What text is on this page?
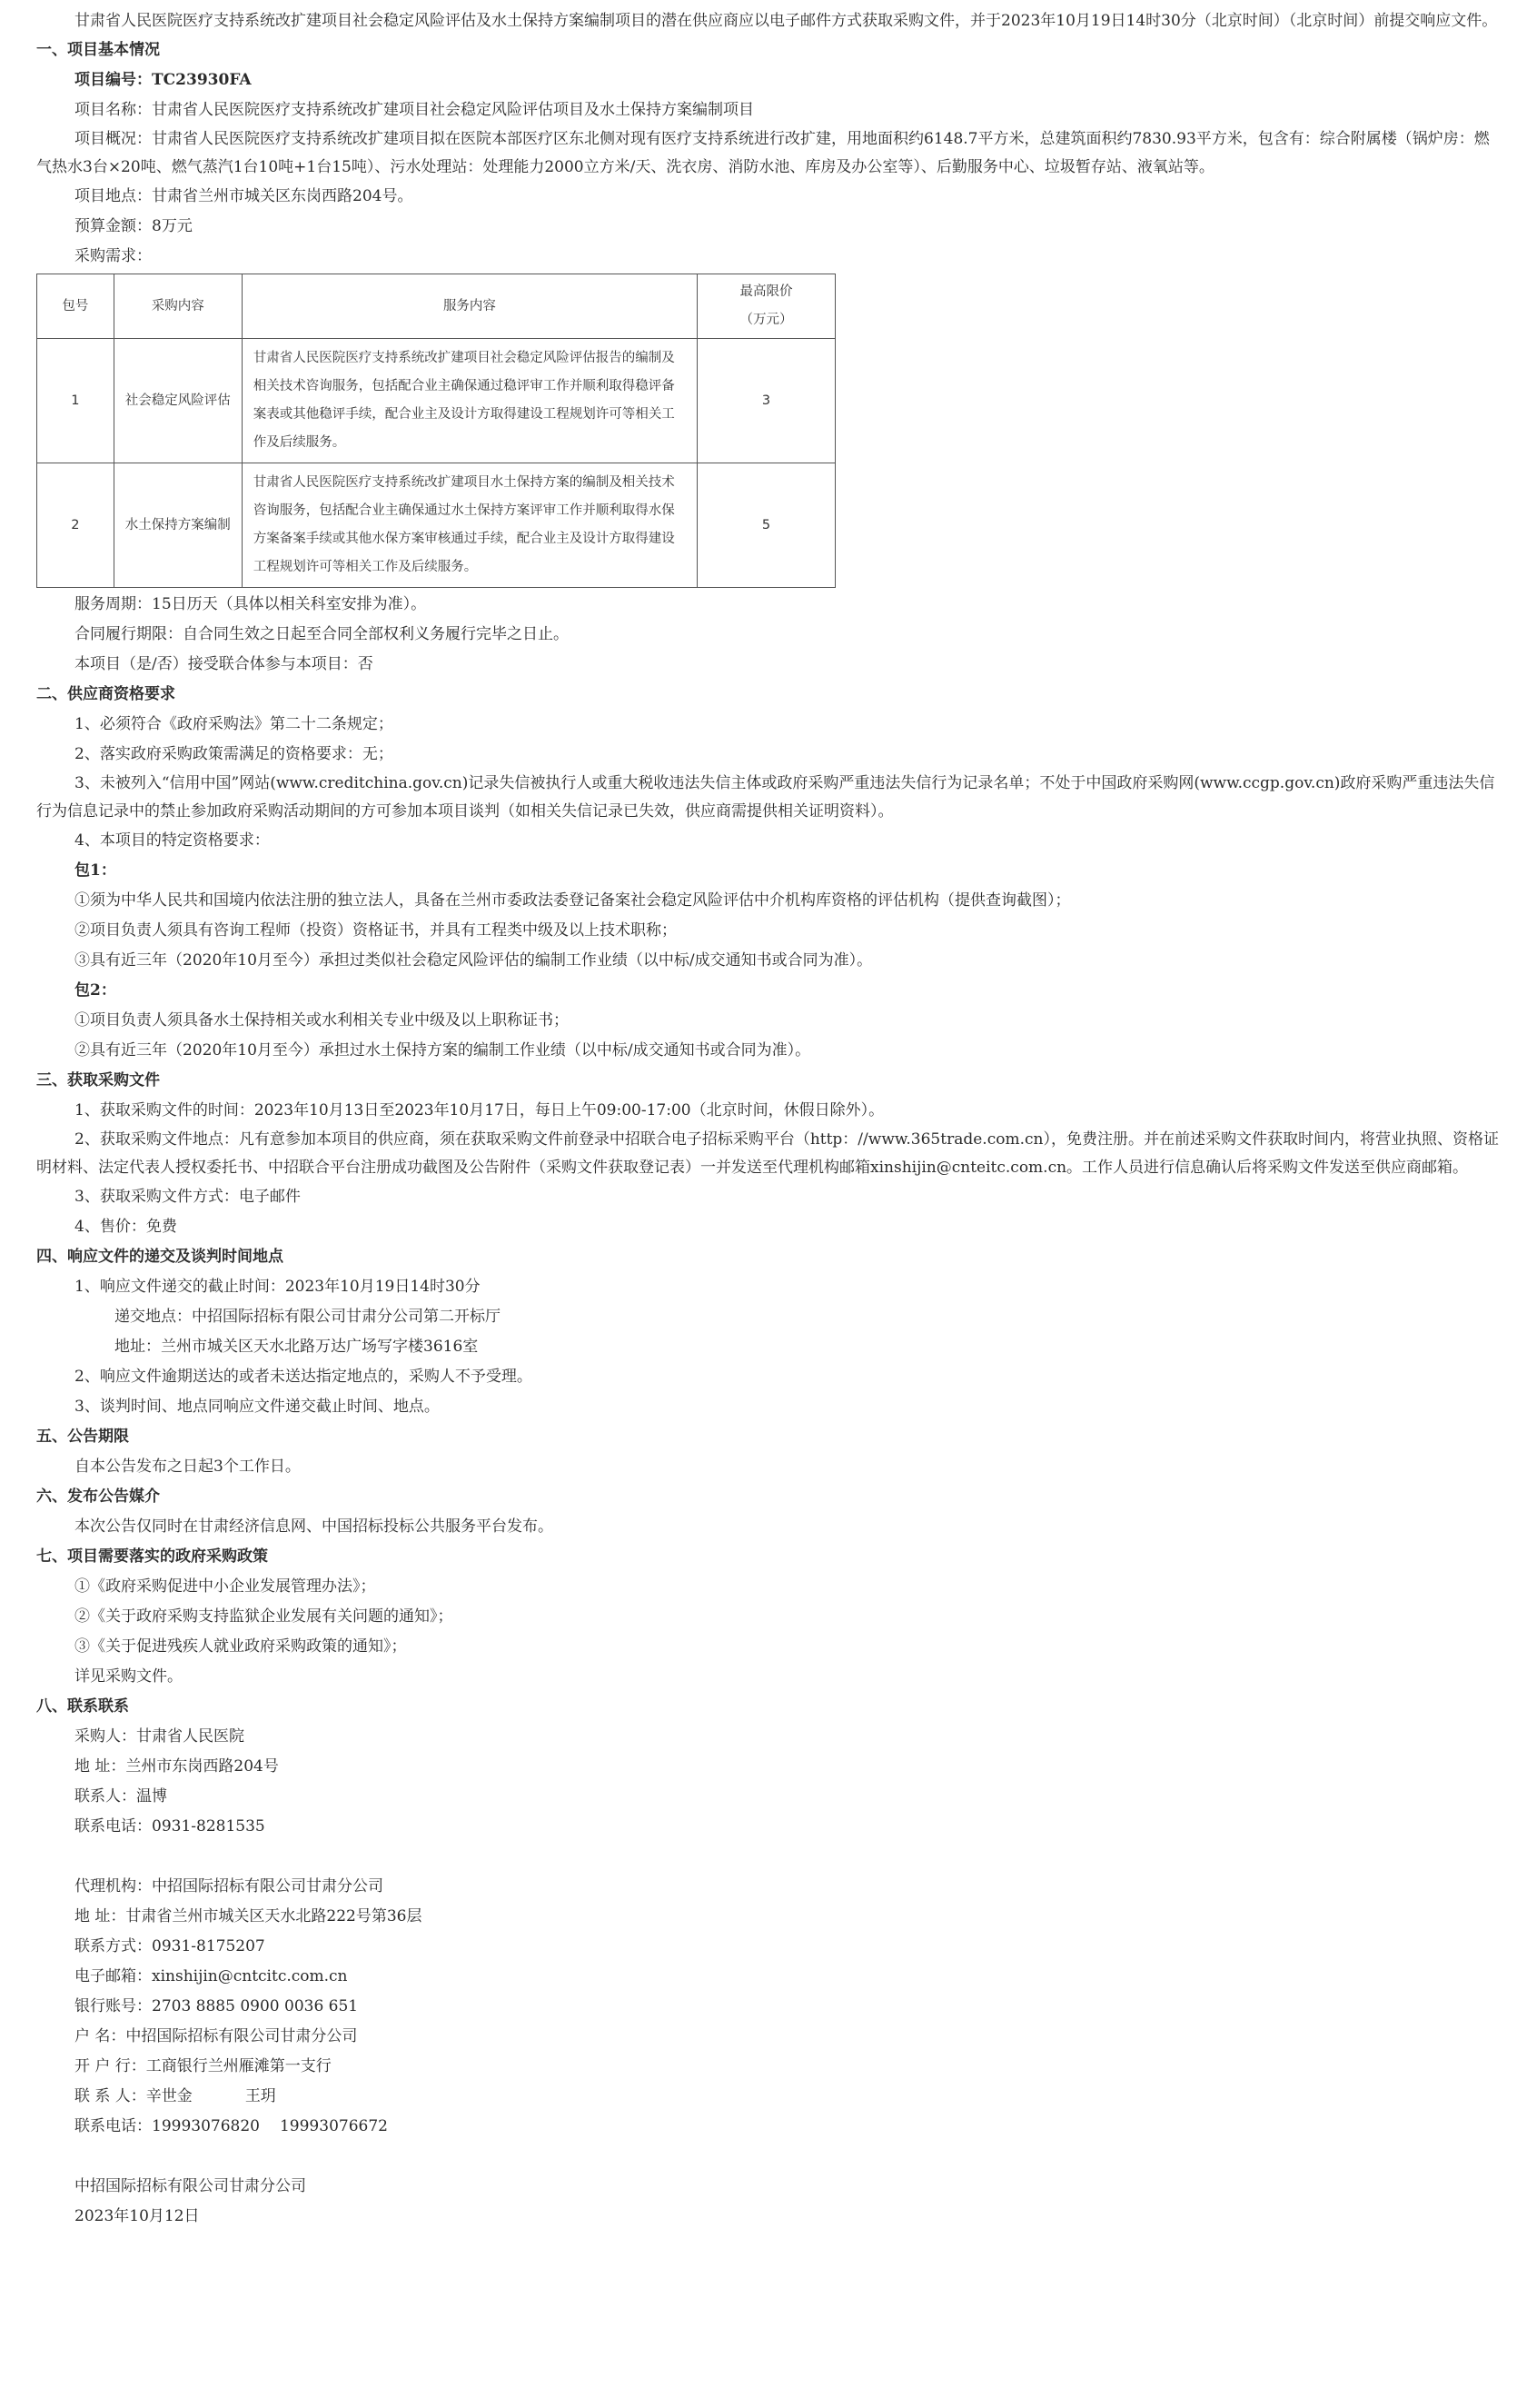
甘肃省人民医院医疗支持系统改扩建项目社会稳定风险评估及水土保持方案编制项目的潜在供应商应以电子邮件方式获取采购文件，并于2023年10月19日14时30分（北京时间）（北京时间）前提交响应文件。

一、项目基本情况

项目编号：TC23930FA

项目名称：甘肃省人民医院医疗支持系统改扩建项目社会稳定风险评估项目及水土保持方案编制项目

项目概况：甘肃省人民医院医疗支持系统改扩建项目拟在医院本部医疗区东北侧对现有医疗支持系统进行改扩建，用地面积约6148.7平方米，总建筑面积约7830.93平方米，包含有：综合附属楼（锅炉房：燃气热水3台×20吨、燃气蒸汽1台10吨+1台15吨）、污水处理站：处理能力2000立方米/天、洗衣房、消防水池、库房及办公室等）、后勤服务中心、垃圾暂存站、液氧站等。

项目地点：甘肃省兰州市城关区东岗西路204号。

预算金额：8万元

采购需求：

包号	采购内容	服务内容	最高限价
（万元）

1	社会稳定风险评估	甘肃省人民医院医疗支持系统改扩建项目社会稳定风险评估报告的编制及相关技术咨询服务，包括配合业主确保通过稳评审工作并顺利取得稳评备案表或其他稳评手续，配合业主及设计方取得建设工程规划许可等相关工作及后续服务。	3
2	水土保持方案编制	甘肃省人民医院医疗支持系统改扩建项目水土保持方案的编制及相关技术咨询服务，包括配合业主确保通过水土保持方案评审工作并顺利取得水保方案备案手续或其他水保方案审核通过手续，配合业主及设计方取得建设工程规划许可等相关工作及后续服务。	5

服务周期：15日历天（具体以相关科室安排为准）。

合同履行期限：自合同生效之日起至合同全部权利义务履行完毕之日止。

本项目（是/否）接受联合体参与本项目：否

二、供应商资格要求

1、必须符合《政府采购法》第二十二条规定；

2、落实政府采购政策需满足的资格要求：无；

3、未被列入“信用中国”网站(www.creditchina.gov.cn)记录失信被执行人或重大税收违法失信主体或政府采购严重违法失信行为记录名单；不处于中国政府采购网(www.ccgp.gov.cn)政府采购严重违法失信行为信息记录中的禁止参加政府采购活动期间的方可参加本项目谈判（如相关失信记录已失效，供应商需提供相关证明资料）。

4、本项目的特定资格要求：

包1：

①须为中华人民共和国境内依法注册的独立法人，具备在兰州市委政法委登记备案社会稳定风险评估中介机构库资格的评估机构（提供查询截图）；

②项目负责人须具有咨询工程师（投资）资格证书，并具有工程类中级及以上技术职称；

③具有近三年（2020年10月至今）承担过类似社会稳定风险评估的编制工作业绩（以中标/成交通知书或合同为准）。

包2：

①项目负责人须具备水土保持相关或水利相关专业中级及以上职称证书；

②具有近三年（2020年10月至今）承担过水土保持方案的编制工作业绩（以中标/成交通知书或合同为准）。

三、获取采购文件

1、获取采购文件的时间：2023年10月13日至2023年10月17日，每日上午09:00-17:00（北京时间，休假日除外）。

2、获取采购文件地点：凡有意参加本项目的供应商，须在获取采购文件前登录中招联合电子招标采购平台（http：//www.365trade.com.cn），免费注册。并在前述采购文件获取时间内，将营业执照、资格证明材料、法定代表人授权委托书、中招联合平台注册成功截图及公告附件（采购文件获取登记表）一并发送至代理机构邮箱xinshijin@cnteitc.com.cn。工作人员进行信息确认后将采购文件发送至供应商邮箱。

3、获取采购文件方式：电子邮件

4、售价：免费

四、响应文件的递交及谈判时间地点

1、响应文件递交的截止时间：2023年10月19日14时30分

递交地点：中招国际招标有限公司甘肃分公司第二开标厅

地址：兰州市城关区天水北路万达广场写字楼3616室

2、响应文件逾期送达的或者未送达指定地点的，采购人不予受理。

3、谈判时间、地点同响应文件递交截止时间、地点。

五、公告期限

自本公告发布之日起3个工作日。

六、发布公告媒介

本次公告仅同时在甘肃经济信息网、中国招标投标公共服务平台发布。

七、项目需要落实的政府采购政策

①《政府采购促进中小企业发展管理办法》；

②《关于政府采购支持监狱企业发展有关问题的通知》；

③《关于促进残疾人就业政府采购政策的通知》；

详见采购文件。

八、联系联系

采购人：甘肃省人民医院

地 址：兰州市东岗西路204号

联系人：温博

联系电话：0931-8281535

代理机构：中招国际招标有限公司甘肃分公司

地 址：甘肃省兰州市城关区天水北路222号第36层

联系方式：0931-8175207

电子邮箱：xinshijin@cntcitc.com.cn

银行账号：2703 8885 0900 0036 651

户 名：中招国际招标有限公司甘肃分公司

开 户 行：工商银行兰州雁滩第一支行

联 系 人：辛世金	王玥

联系电话：19993076820 19993076672

中招国际招标有限公司甘肃分公司

2023年10月12日
